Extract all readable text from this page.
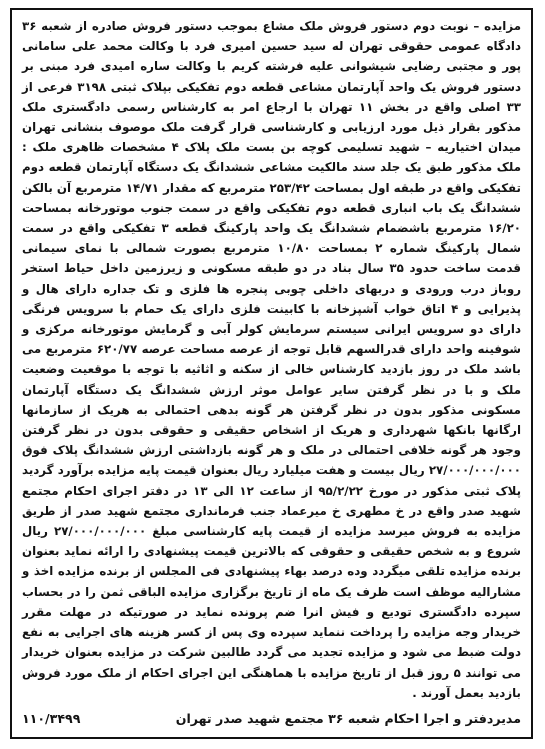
مزایده – نوبت دوم دستور فروش ملک مشاع بموجب دستور فروش صادره از شعبه ۳۶ دادگاه عمومی حقوقی تهران له سید حسین امیری فرد با وکالت محمد علی سامانی پور و مجتبی رضایی شیشوانی علیه فرشته کریم با وکالت ساره امیدی فرد مبنی بر دستور فروش یک واحد آپارتمان مشاعی قطعه دوم تفکیکی بپلاک ثبتی ۳۱۹۸ فرعی از ۳۳ اصلی واقع در بخش ۱۱ تهران با ارجاع امر به کارشناس رسمی دادگستری ملک مذکور بقرار ذیل مورد ارزیابی و کارشناسی قرار گرفت ملک موصوف بنشانی تهران میدان اختیاریه – شهید تسلیمی کوچه بن بست ملک پلاک ۴ مشخصات ظاهری ملک : ملک مذکور طبق یک جلد سند مالکیت مشاعی ششدانگ یک دستگاه آپارتمان قطعه دوم تفکیکی واقع در طبقه اول بمساحت ۲۵۳/۴۲ مترمربع که مقدار ۱۴/۷۱ مترمربع آن بالکن ششدانگ یک باب انباری قطعه دوم تفکیکی واقع در سمت جنوب موتورخانه بمساحت ۱۶/۲۰ مترمربع باشضمام ششدانگ یک واحد پارکینگ قطعه ۳ تفکیکی واقع در سمت شمال پارکینگ شماره ۲ بمساحت ۱۰/۸۰ مترمربع بصورت شمالی با نمای سیمانی قدمت ساخت حدود ۳۵ سال بناد در دو طبقه مسکونی و زیرزمین داخل حیاط استخر روباز درب ورودی و دربهای داخلی چوبی پنجره ها فلزی و تک جداره دارای هال و پذیرایی و ۴ اتاق خواب آشپزخانه با کابینت فلزی دارای یک حمام با سرویس فرنگی دارای دو سرویس ایرانی سیستم سرمایش کولر آبی و گرمایش موتورخانه مرکزی و شوفینه واحد دارای قدرالسهم قابل توجه از عرصه مساحت عرصه ۶۲۰/۷۷ مترمربع می باشد ملک در روز بازدید کارشناس خالی از سکنه و اثاثیه با توجه با موقعیت وضعیت ملک و با در نظر گرفتن سایر عوامل موثر ارزش ششدانگ یک دستگاه آپارتمان مسکونی مذکور بدون در نظر گرفتن هر گونه بدهی احتمالی به هریک از سازمانها ارگانها بانکها شهرداری و هریک از اشخاص حقیقی و حقوقی بدون در نظر گرفتن وجود هر گونه خلافی احتمالی در ملک و هر گونه بازداشتی ارزش ششدانگ پلاک فوق ۲۷/۰۰۰/۰۰۰/۰۰۰ ریال بیست و هفت میلیارد ریال بعنوان قیمت پایه مزایده برآورد گردید پلاک ثبتی مذکور در مورخ ۹۵/۲/۲۲ از ساعت ۱۲ الی ۱۳ در دفتر اجرای احکام مجتمع شهید صدر واقع در خ مطهری خ میرعماد جنب فرمانداری مجتمع شهید صدر از طریق مزایده به فروش میرسد مزایده از قیمت پایه کارشناسی مبلغ ۲۷/۰۰۰/۰۰۰/۰۰۰ ریال شروع و به شخص حقیقی و حقوقی که بالاترین قیمت پیشنهادی را ارائه نماید بعنوان برنده مزایده تلقی میگردد وده درصد بهاء پیشنهادی فی المجلس از برنده مزایده اخذ و مشارالیه موظف است ظرف یک ماه از تاریخ برگزاری مزایده الباقی ثمن را در بحساب سپرده دادگستری تودیع و فیش انرا ضم پرونده نماید در صورتیکه در مهلت مقرر خریدار وجه مزایده را پرداخت ننماید سپرده وی پس از کسر هزینه های اجرایی به نفع دولت ضبط می شود و مزایده تجدید می گردد طالبین شرکت در مزایده بعنوان خریدار می توانند ۵ روز قبل از تاریخ مزایده با هماهنگی این اجرای احکام از ملک مورد فروش بازدید بعمل آورند .

مدیردفتر و اجرا احکام شعبه ۳۶ مجتمع شهید صدر تهران
۱۱۰/۳۴۹۹
